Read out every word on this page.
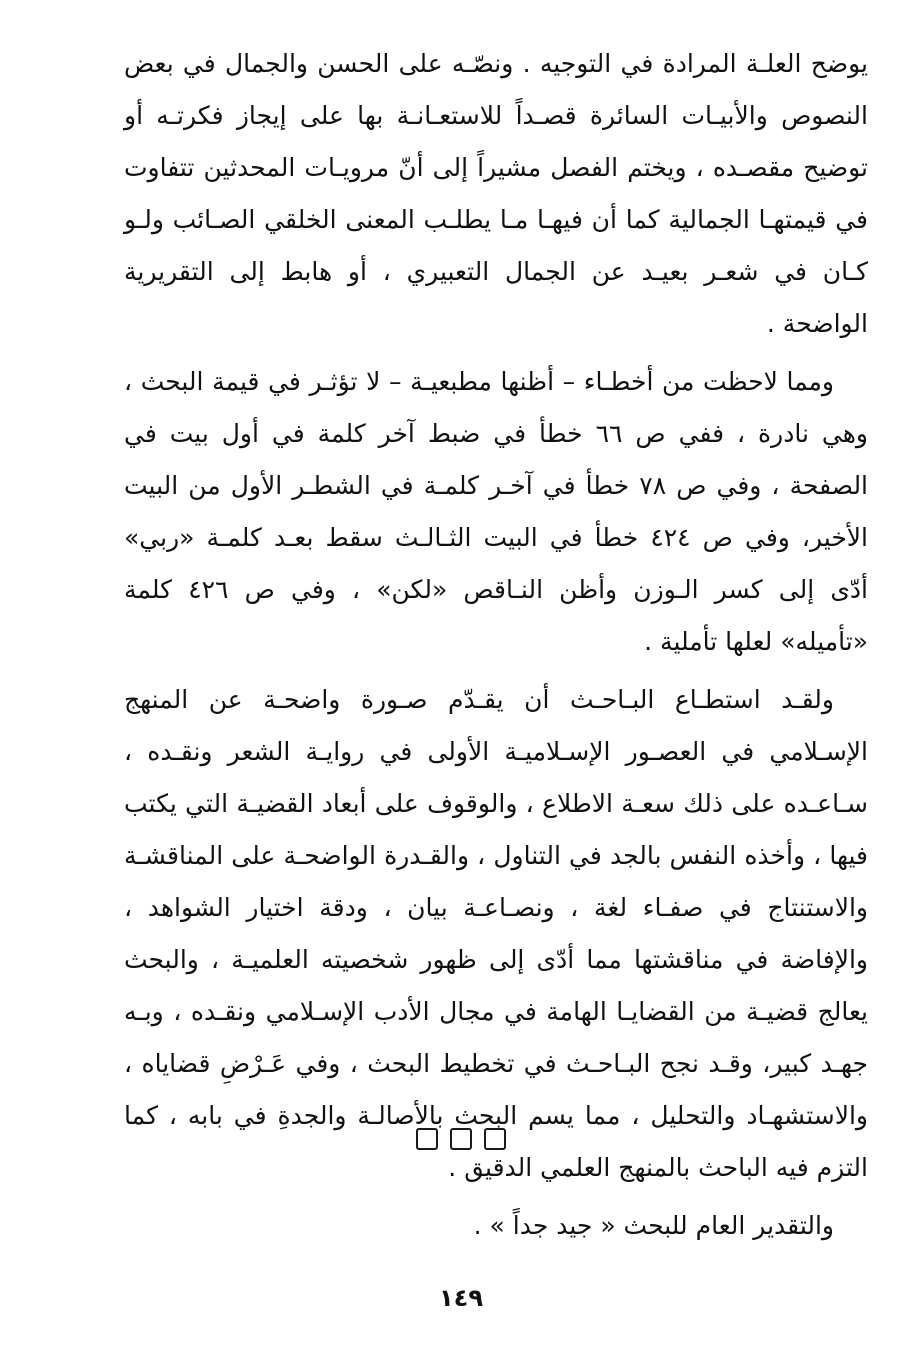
يوضح العلـة المرادة في التوجيه . ونصّـه على الحسن والجمال في بعض النصوص والأبيـات السائرة قصـداً للاستعـانـة بها على إيجاز فكرتـه أو توضيح مقصـده ، ويختم الفصل مشيراً إلى أنّ مرويـات المحدثين تتفاوت في قيمتهـا الجمالية كما أن فيهـا مـا يطلـب المعنى الخلقي الصـائب ولـو كـان في شعـر بعيـد عن الجمال التعبيري ، أو هابط إلى التقريرية الواضحة .

ومما لاحظت من أخطـاء – أظنها مطبعيـة – لا تؤثـر في قيمة البحث ، وهي نادرة ، ففي ص ٦٦ خطأ في ضبط آخر كلمة في أول بيت في الصفحة ، وفي ص ٧٨ خطأ في آخـر كلمـة في الشطـر الأول من البيت الأخير، وفي ص ٤٢٤ خطأ في البيت الثـالـث سقط بعـد كلمـة «ربي» أدّى إلى كسر الـوزن وأظن النـاقص «لكن» ، وفي ص ٤٢٦ كلمة «تأميله» لعلها تأملية .

ولقـد استطـاع البـاحـث أن يقـدّم صـورة واضحـة عن المنهج الإسـلامي في العصـور الإسـلاميـة الأولى في روايـة الشعر ونقـده ، سـاعـده على ذلك سعـة الاطلاع ، والوقوف على أبعاد القضيـة التي يكتب فيها ، وأخذه النفس بالجد في التناول ، والقـدرة الواضحـة على المناقشـة والاستنتاج في صفـاء لغة ، ونصـاعـة بيان ، ودقة اختيار الشواهد ، والإفاضة في مناقشتها مما أدّى إلى ظهور شخصيته العلميـة ، والبحث يعالج قضيـة من القضايـا الهامة في مجال الأدب الإسـلامي ونقـده ، وبـه جهـد كبير، وقـد نجح البـاحـث في تخطيط البحث ، وفي عَـرْضِ قضاياه ، والاستشهـاد والتحليل ، مما يسم البحث بالأصالـة والجدةِ في بابه ، كما التزم فيه الباحث بالمنهج العلمي الدقيق .

والتقدير العام للبحث « جيد جداً » .

١٤٩
